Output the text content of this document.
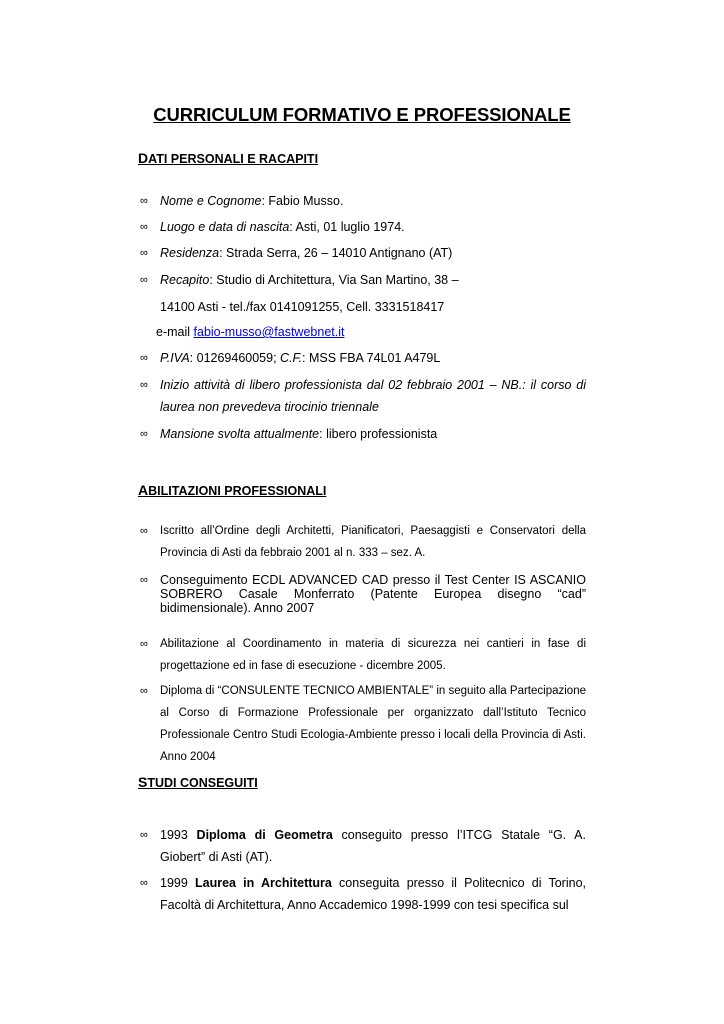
CURRICULUM FORMATIVO E PROFESSIONALE
DATI PERSONALI E RACAPITI
∞ Nome e Cognome: Fabio Musso.
∞ Luogo e data di nascita: Asti, 01 luglio 1974.
∞ Residenza: Strada Serra, 26 – 14010 Antignano (AT)
∞ Recapito: Studio di Architettura, Via San Martino, 38 –
14100 Asti - tel./fax 0141091255, Cell. 3331518417
e-mail fabio-musso@fastwebnet.it
∞ P.IVA: 01269460059; C.F.: MSS FBA 74L01 A479L
∞ Inizio attività di libero professionista dal 02 febbraio 2001 – NB.: il corso di laurea non prevedeva tirocinio triennale
∞ Mansione svolta attualmente: libero professionista
ABILITAZIONI PROFESSIONALI
∞	Iscritto all’Ordine degli Architetti, Pianificatori, Paesaggisti e Conservatori della Provincia di Asti da febbraio 2001 al n. 333 – sez. A.
∞ Conseguimento ECDL ADVANCED CAD presso il Test Center IS ASCANIO SOBRERO Casale Monferrato (Patente Europea disegno “cad” bidimensionale). Anno 2007
∞	Abilitazione al Coordinamento in materia di sicurezza nei cantieri in fase di progettazione ed in fase di esecuzione - dicembre 2005.
∞	Diploma di “CONSULENTE TECNICO AMBIENTALE” in seguito alla Partecipazione al Corso di Formazione Professionale per organizzato dall’Istituto Tecnico Professionale Centro Studi Ecologia-Ambiente presso i locali della Provincia di Asti. Anno 2004
STUDI CONSEGUITI
∞ 1993 Diploma di Geometra conseguito presso l’ITCG Statale “G. A. Giobert” di Asti (AT).
∞ 1999 Laurea in Architettura conseguita presso il Politecnico di Torino, Facoltà di Architettura, Anno Accademico 1998-1999 con tesi specifica sul
